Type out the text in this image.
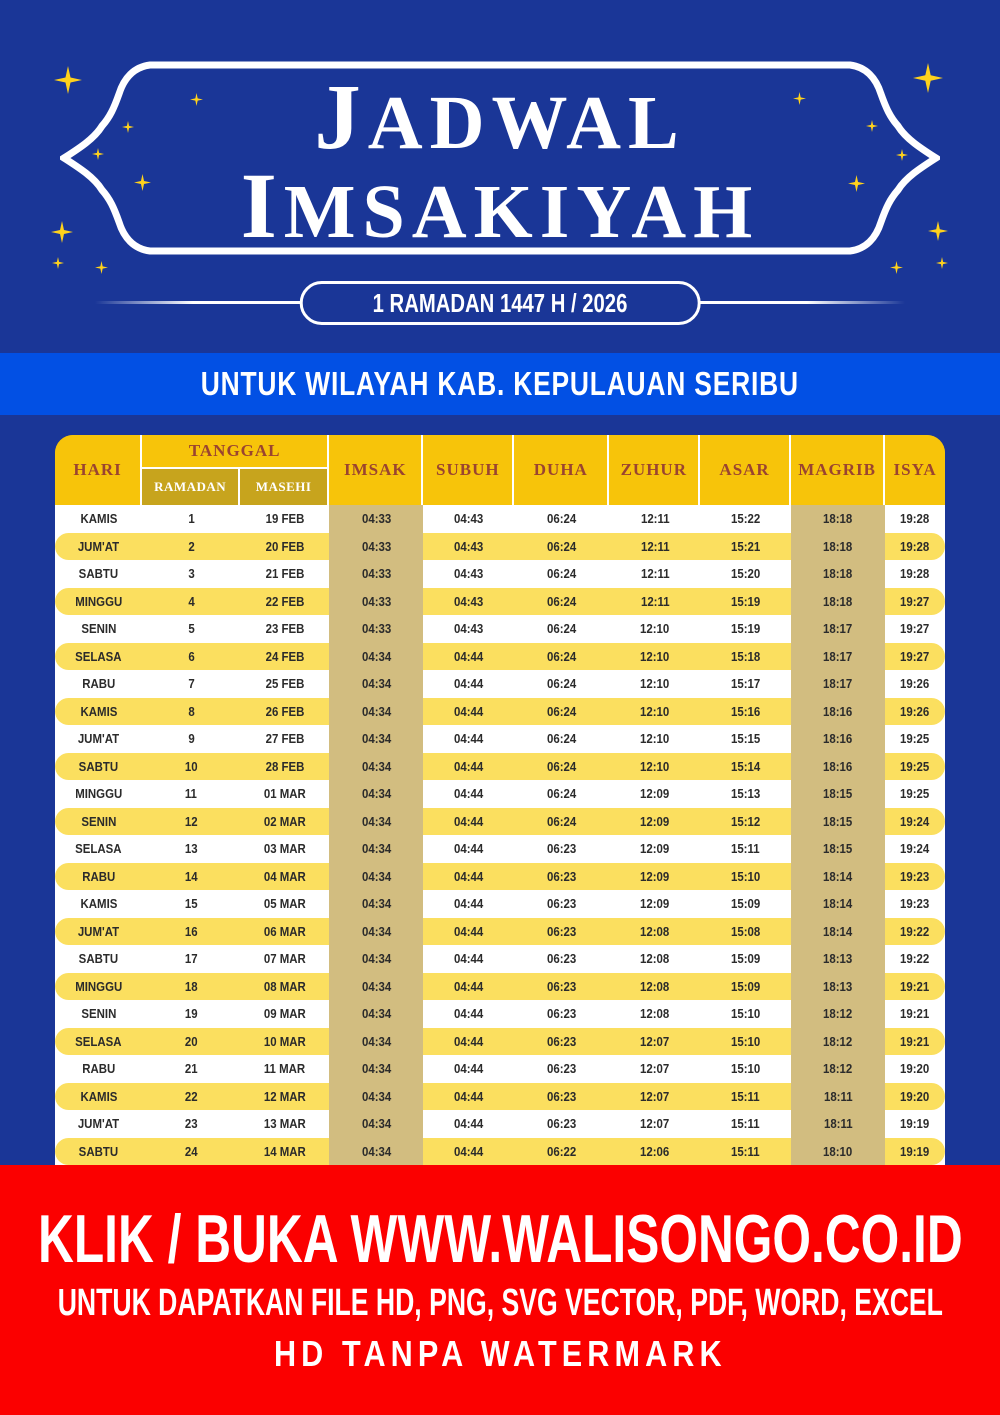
JADWAL
IMSAKIYAH
1 RAMADAN 1447 H / 2026
UNTUK WILAYAH KAB. KEPULAUAN SERIBU
HARI
TANGGAL
RAMADAN	MASEHI
IMSAK	SUBUH	DUHA	ZUHUR	ASAR	MAGRIB	ISYA
KAMIS	1	19 FEB	04:33	04:43	06:24	12:11	15:22	18:18	19:28
JUM'AT	2	20 FEB	04:33	04:43	06:24	12:11	15:21	18:18	19:28
SABTU	3	21 FEB	04:33	04:43	06:24	12:11	15:20	18:18	19:28
MINGGU	4	22 FEB	04:33	04:43	06:24	12:11	15:19	18:18	19:27
SENIN	5	23 FEB	04:33	04:43	06:24	12:10	15:19	18:17	19:27
SELASA	6	24 FEB	04:34	04:44	06:24	12:10	15:18	18:17	19:27
RABU	7	25 FEB	04:34	04:44	06:24	12:10	15:17	18:17	19:26
KAMIS	8	26 FEB	04:34	04:44	06:24	12:10	15:16	18:16	19:26
JUM'AT	9	27 FEB	04:34	04:44	06:24	12:10	15:15	18:16	19:25
SABTU	10	28 FEB	04:34	04:44	06:24	12:10	15:14	18:16	19:25
MINGGU	11	01 MAR	04:34	04:44	06:24	12:09	15:13	18:15	19:25
SENIN	12	02 MAR	04:34	04:44	06:24	12:09	15:12	18:15	19:24
SELASA	13	03 MAR	04:34	04:44	06:23	12:09	15:11	18:15	19:24
RABU	14	04 MAR	04:34	04:44	06:23	12:09	15:10	18:14	19:23
KAMIS	15	05 MAR	04:34	04:44	06:23	12:09	15:09	18:14	19:23
JUM'AT	16	06 MAR	04:34	04:44	06:23	12:08	15:08	18:14	19:22
SABTU	17	07 MAR	04:34	04:44	06:23	12:08	15:09	18:13	19:22
MINGGU	18	08 MAR	04:34	04:44	06:23	12:08	15:09	18:13	19:21
SENIN	19	09 MAR	04:34	04:44	06:23	12:08	15:10	18:12	19:21
SELASA	20	10 MAR	04:34	04:44	06:23	12:07	15:10	18:12	19:21
RABU	21	11 MAR	04:34	04:44	06:23	12:07	15:10	18:12	19:20
KAMIS	22	12 MAR	04:34	04:44	06:23	12:07	15:11	18:11	19:20
JUM'AT	23	13 MAR	04:34	04:44	06:23	12:07	15:11	18:11	19:19
SABTU	24	14 MAR	04:34	04:44	06:22	12:06	15:11	18:10	19:19
KLIK / BUKA WWW.WALISONGO.CO.ID
UNTUK DAPATKAN FILE HD, PNG, SVG VECTOR, PDF, WORD, EXCEL
HD TANPA WATERMARK
